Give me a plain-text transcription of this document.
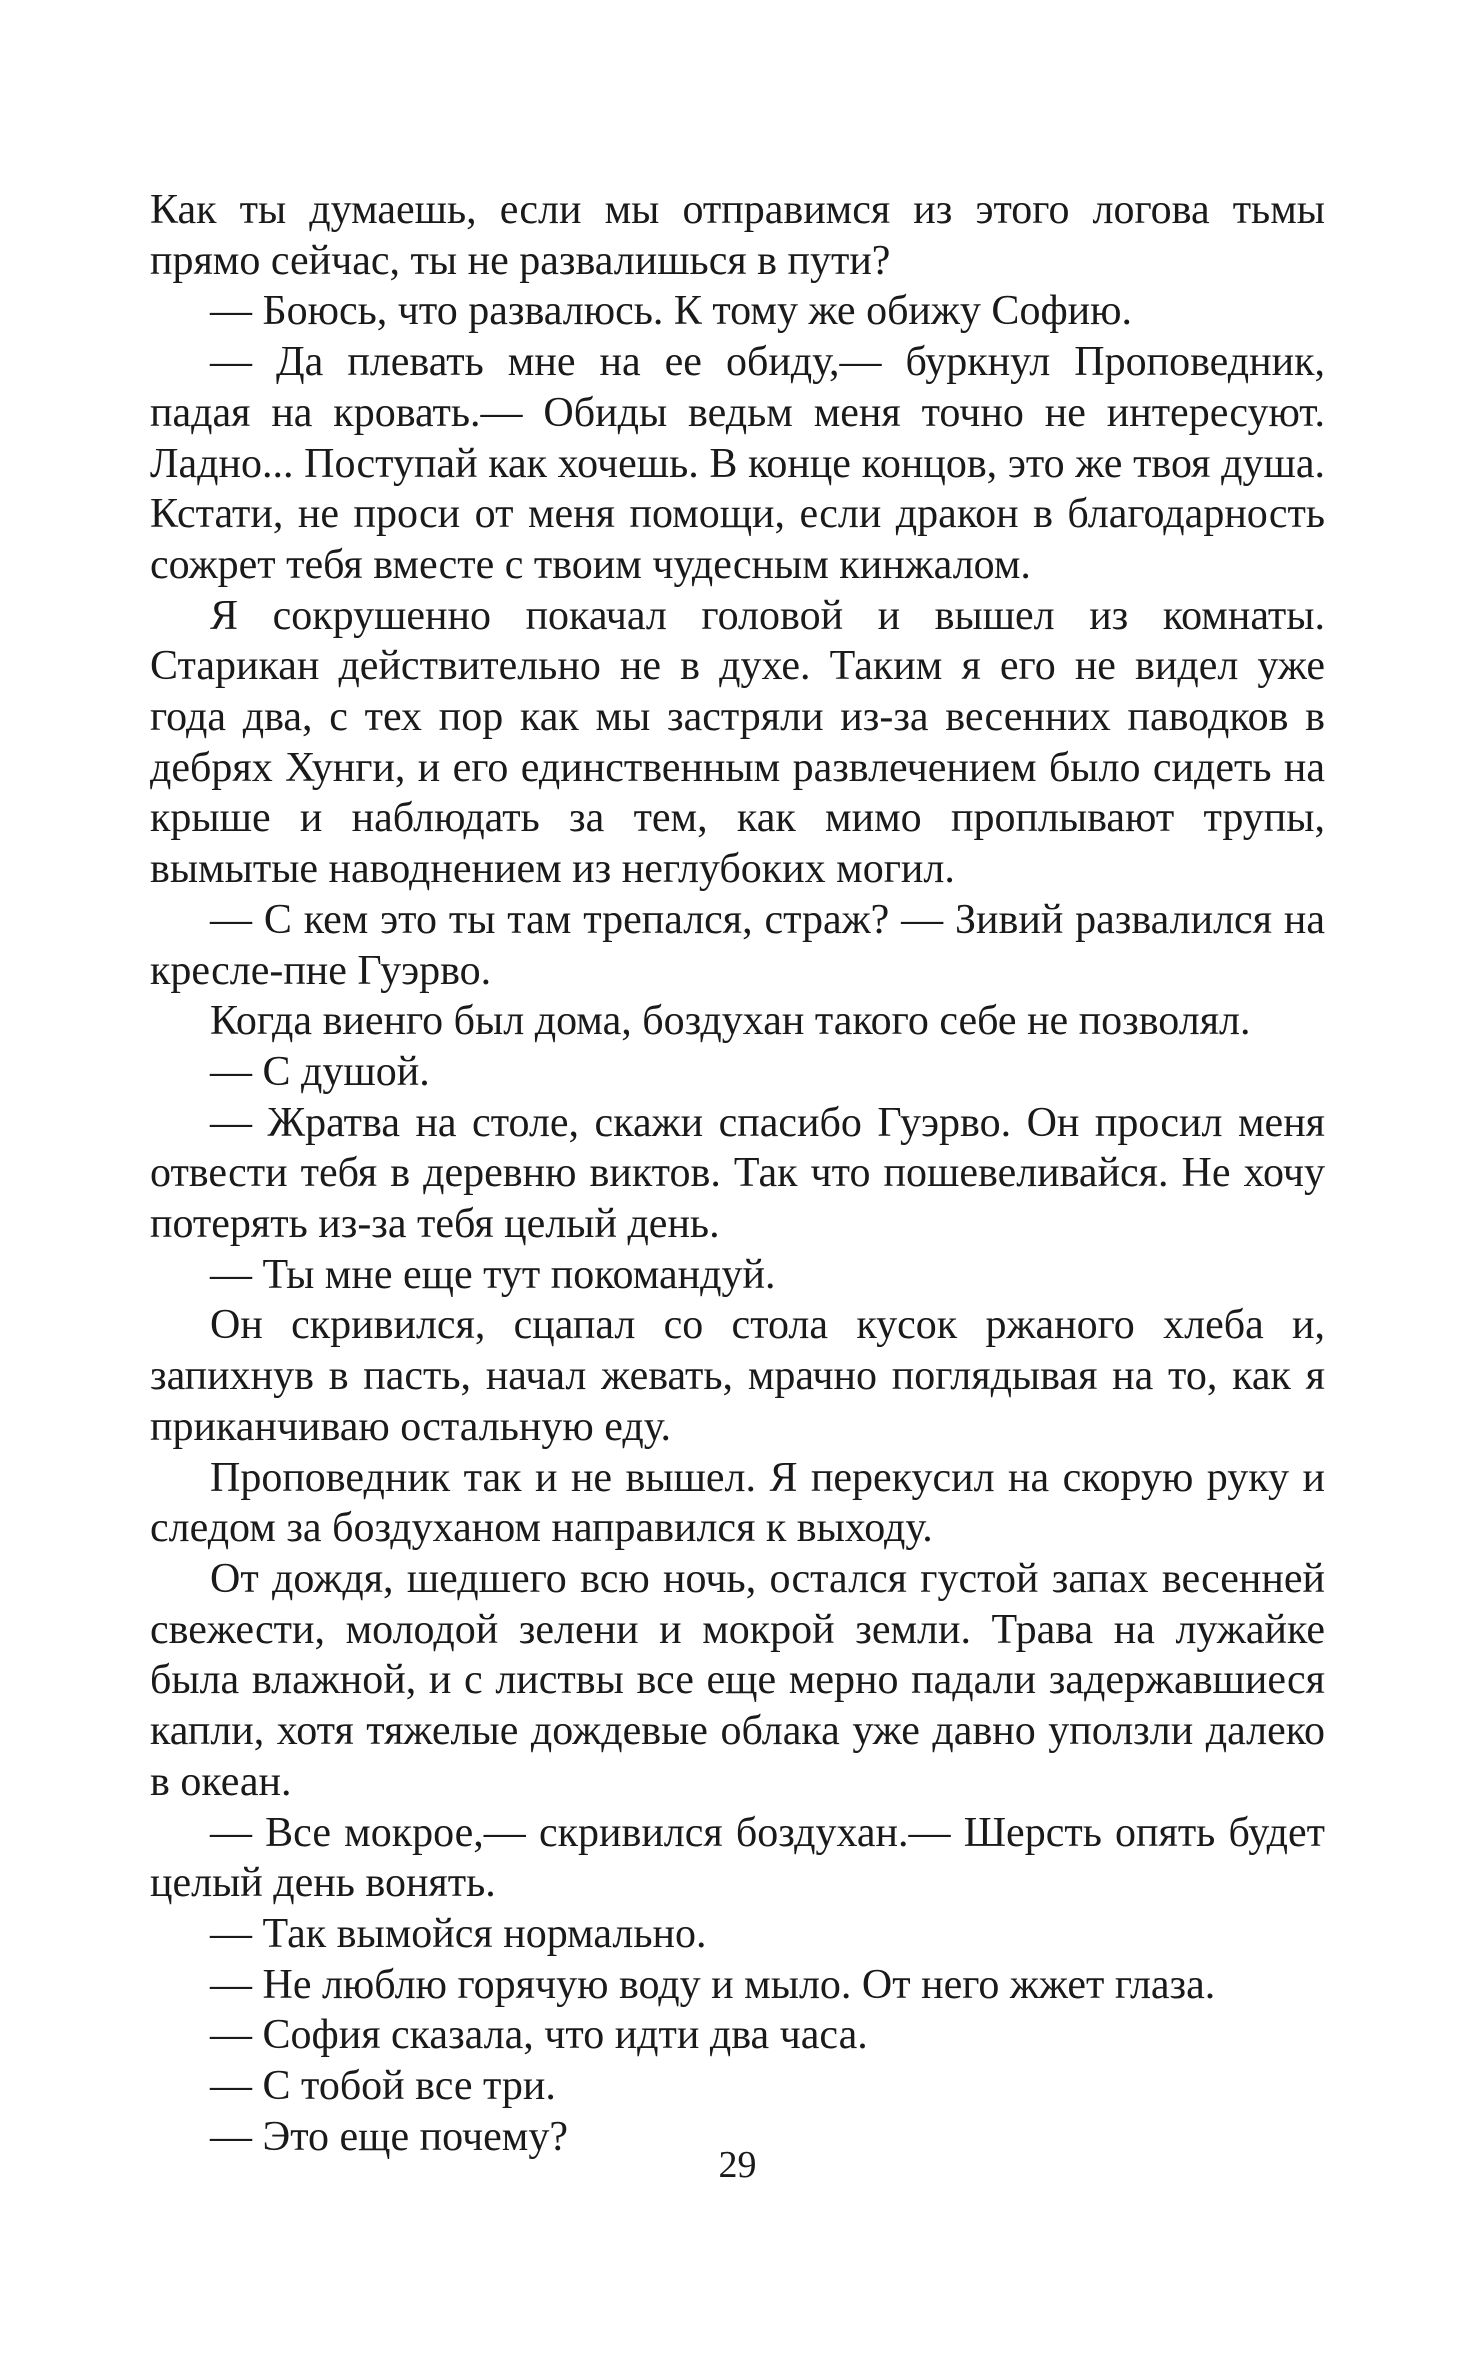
Как ты думаешь, если мы отправимся из этого логова тьмы прямо сейчас, ты не развалишься в пути?

— Боюсь, что развалюсь. К тому же обижу Софию.

— Да плевать мне на ее обиду,— буркнул Проповедник, падая на кровать.— Обиды ведьм меня точно не интересуют. Ладно... Поступай как хочешь. В конце концов, это же твоя душа. Кстати, не проси от меня помощи, если дракон в благодарность сожрет тебя вместе с твоим чудесным кинжалом.

Я сокрушенно покачал головой и вышел из комнаты. Старикан действительно не в духе. Таким я его не видел уже года два, с тех пор как мы застряли из-за весенних паводков в дебрях Хунги, и его единственным развлечением было сидеть на крыше и наблюдать за тем, как мимо проплывают трупы, вымытые наводнением из неглубоких могил.

— С кем это ты там трепался, страж? — Зивий развалился на кресле-пне Гуэрво.

Когда виенго был дома, боздухан такого себе не позволял.

— С душой.

— Жратва на столе, скажи спасибо Гуэрво. Он просил меня отвести тебя в деревню виктов. Так что пошевеливайся. Не хочу потерять из-за тебя целый день.

— Ты мне еще тут покомандуй.

Он скривился, сцапал со стола кусок ржаного хлеба и, запихнув в пасть, начал жевать, мрачно поглядывая на то, как я приканчиваю остальную еду.

Проповедник так и не вышел. Я перекусил на скорую руку и следом за боздуханом направился к выходу.

От дождя, шедшего всю ночь, остался густой запах весенней свежести, молодой зелени и мокрой земли. Трава на лужайке была влажной, и с листвы все еще мерно падали задержавшиеся капли, хотя тяжелые дождевые облака уже давно уползли далеко в океан.

— Все мокрое,— скривился боздухан.— Шерсть опять будет целый день вонять.

— Так вымойся нормально.

— Не люблю горячую воду и мыло. От него жжет глаза.

— София сказала, что идти два часа.

— С тобой все три.

— Это еще почему?

29
